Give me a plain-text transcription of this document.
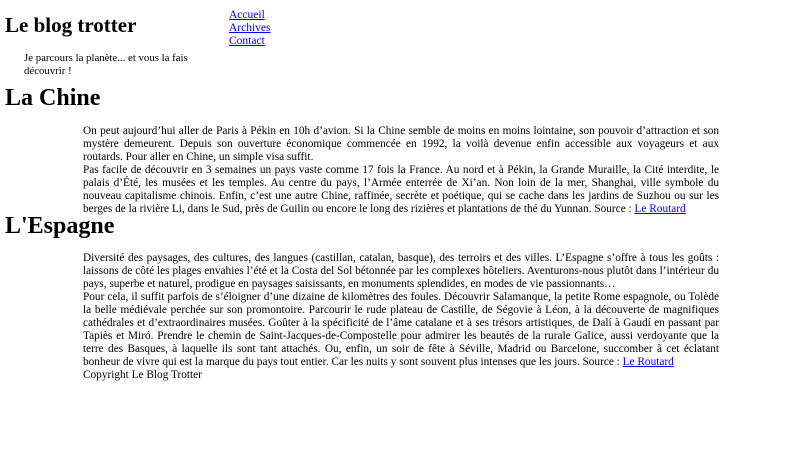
Le blog trotter	Accueil
Archives
Contact
Je parcours la planète... et vous la fais découvrir !
La Chine

On peut aujourd’hui aller de Paris à Pékin en 10h d’avion. Si la Chine semble de moins en moins lointaine, son pouvoir d’attraction et son mystère demeurent. Depuis son ouverture économique commencée en 1992, la voilà devenue enfin accessible aux voyageurs et aux routards. Pour aller en Chine, un simple visa suffit.

Pas facile de découvrir en 3 semaines un pays vaste comme 17 fois la France. Au nord et à Pékin, la Grande Muraille, la Cité interdite, le palais d’Été, les musées et les temples. Au centre du pays, l’Armée enterrée de Xi’an. Non loin de la mer, Shanghai, ville symbole du nouveau capitalisme chinois. Enfin, c’est une autre Chine, raffinée, secrète et poétique, qui se cache dans les jardins de Suzhou ou sur les berges de la rivière Li, dans le Sud, près de Guilin ou encore le long des rizières et plantations de thé du Yunnan. Source : Le Routard

L'Espagne

Diversité des paysages, des cultures, des langues (castillan, catalan, basque), des terroirs et des villes. L’Espagne s’offre à tous les goûts : laissons de côté les plages envahies l’été et la Costa del Sol bétonnée par les complexes hôteliers. Aventurons-nous plutôt dans l’intérieur du pays, superbe et naturel, prodigue en paysages saisissants, en monuments splendides, en modes de vie passionnants…

Pour cela, il suffit parfois de s’éloigner d’une dizaine de kilomètres des foules. Découvrir Salamanque, la petite Rome espagnole, ou Tolède la belle médiévale perchée sur son promontoire. Parcourir le rude plateau de Castille, de Ségovie à Léon, à la découverte de magnifiques cathédrales et d’extraordinaires musées. Goûter à la spécificité de l’âme catalane et à ses trésors artistiques, de Dalí à Gaudí en passant par Tapiès et Miró. Prendre le chemin de Saint-Jacques-de-Compostelle pour admirer les beautés de la rurale Galice, aussi verdoyante que la terre des Basques, à laquelle ils sont tant attachés. Ou, enfin, un soir de fête à Séville, Madrid ou Barcelone, succomber à cet éclatant bonheur de vivre qui est la marque du pays tout entier. Car les nuits y sont souvent plus intenses que les jours. Source : Le Routard

Copyright Le Blog Trotter
